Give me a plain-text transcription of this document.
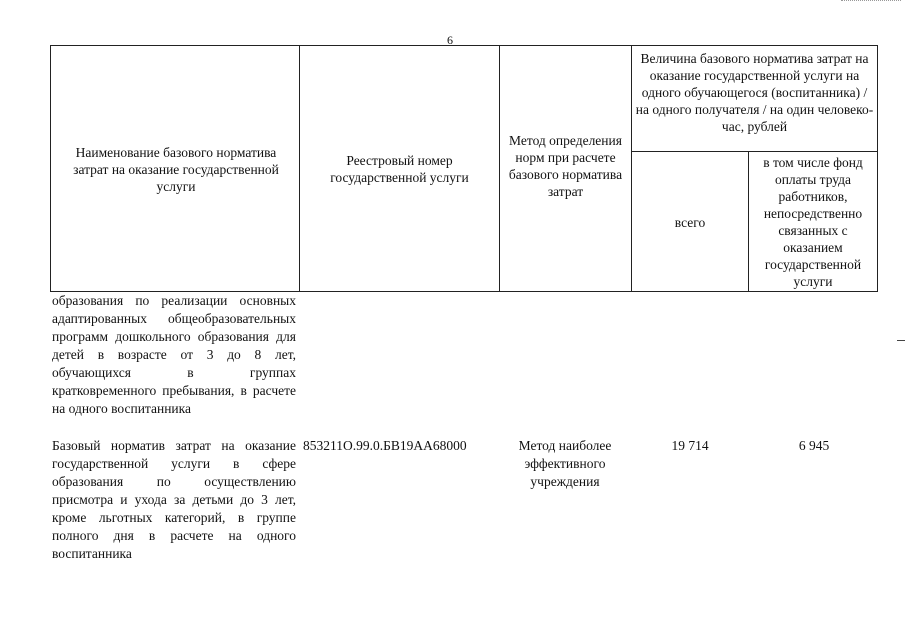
6
Наименование базового норматива затрат на оказание государственной услуги
Реестровый номер государственной услуги
Метод определения норм при расчете базового норматива затрат
Величина базового норматива затрат на оказание государственной услуги на одного обучающегося (воспитанника) / на одного получателя / на один человеко-час, рублей
всего
в том числе фонд оплаты труда работников, непосредственно связанных с оказанием государственной услуги
образования по реализации основных адаптированных общеобразовательных программ дошкольного образования для детей в возрасте от 3 до 8 лет, обучающихся в группах кратковременного пребывания, в расчете на одного воспитанника
Базовый норматив затрат на оказание государственной услуги в сфере образования по осуществлению присмотра и ухода за детьми до 3 лет, кроме льготных категорий, в группе полного дня в расчете на одного воспитанника
853211О.99.0.БВ19АА68000	Метод наиболее эффективного учреждения
19 714	6 945
